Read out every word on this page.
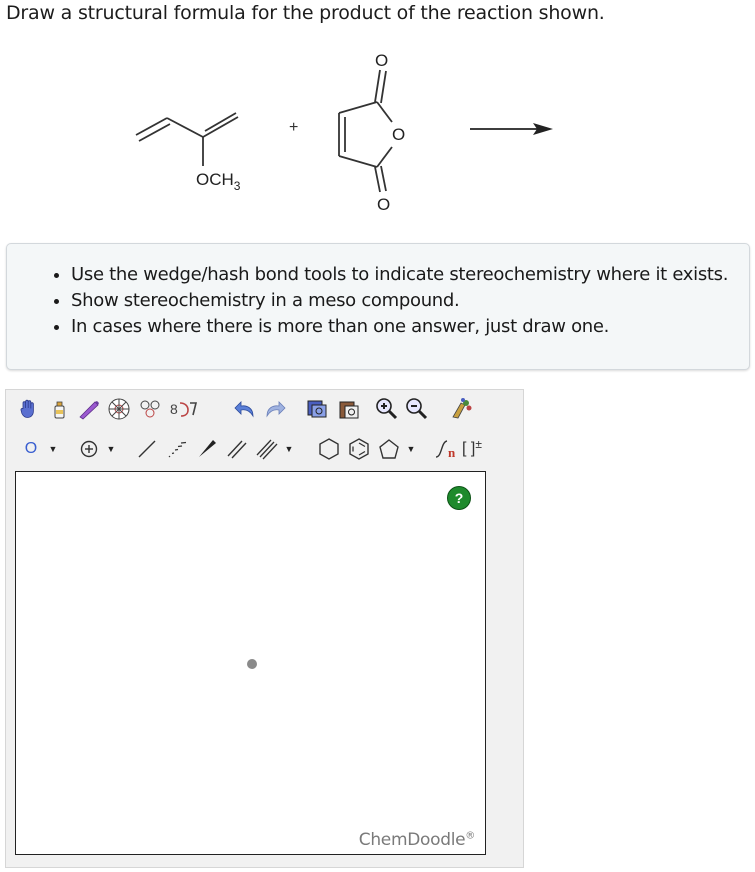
Draw a structural formula for the product of the reaction shown.
$OCH_3$
+
O
O
O
• Use the wedge/hash bond tools to indicate stereochemistry where it exists.
• Show stereochemistry in a meso compound.
• In cases where there is more than one answer, just draw one.
8
O	▼	▼	▼	▼	n [ ] ±
?
ChemDoodle®
